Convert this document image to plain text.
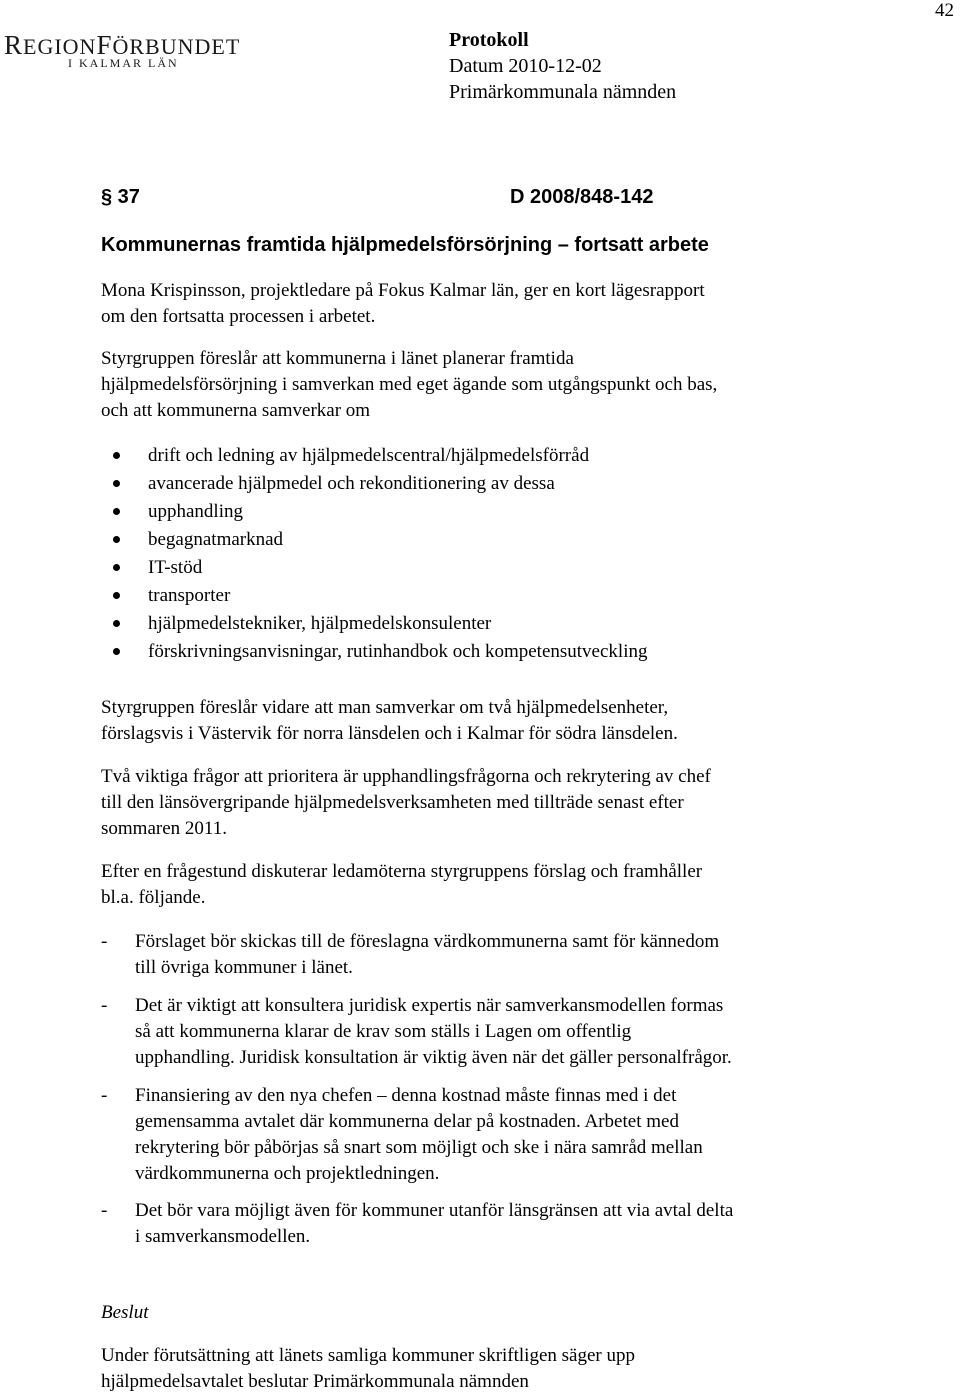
42
REGIONFÖRBUNDET
I KALMAR LÄN
Protokoll
Datum 2010-12-02
Primärkommunala nämnden
§ 37	D 2008/848-142
Kommunernas framtida hjälpmedelsförsörjning – fortsatt arbete
Mona Krispinsson, projektledare på Fokus Kalmar län, ger en kort lägesrapport
om den fortsatta processen i arbetet.
Styrgruppen föreslår att kommunerna i länet planerar framtida
hjälpmedelsförsörjning i samverkan med eget ägande som utgångspunkt och bas,
och att kommunerna samverkar om
drift och ledning av hjälpmedelscentral/hjälpmedelsförråd
avancerade hjälpmedel och rekonditionering av dessa
upphandling
begagnatmarknad
IT-stöd
transporter
hjälpmedelstekniker, hjälpmedelskonsulenter
förskrivningsanvisningar, rutinhandbok och kompetensutveckling
Styrgruppen föreslår vidare att man samverkar om två hjälpmedelsenheter,
förslagsvis i Västervik för norra länsdelen och i Kalmar för södra länsdelen.
Två viktiga frågor att prioritera är upphandlingsfrågorna och rekrytering av chef
till den länsövergripande hjälpmedelsverksamheten med tillträde senast efter
sommaren 2011.
Efter en frågestund diskuterar ledamöterna styrgruppens förslag och framhåller
bl.a. följande.
- Förslaget bör skickas till de föreslagna värdkommunerna samt för kännedom
till övriga kommuner i länet.
- Det är viktigt att konsultera juridisk expertis när samverkansmodellen formas
så att kommunerna klarar de krav som ställs i Lagen om offentlig
upphandling. Juridisk konsultation är viktig även när det gäller personalfrågor.
- Finansiering av den nya chefen – denna kostnad måste finnas med i det
gemensamma avtalet där kommunerna delar på kostnaden. Arbetet med
rekrytering bör påbörjas så snart som möjligt och ske i nära samråd mellan
värdkommunerna och projektledningen.
- Det bör vara möjligt även för kommuner utanför länsgränsen att via avtal delta
i samverkansmodellen.
Beslut
Under förutsättning att länets samliga kommuner skriftligen säger upp
hjälpmedelsavtalet beslutar Primärkommunala nämnden
